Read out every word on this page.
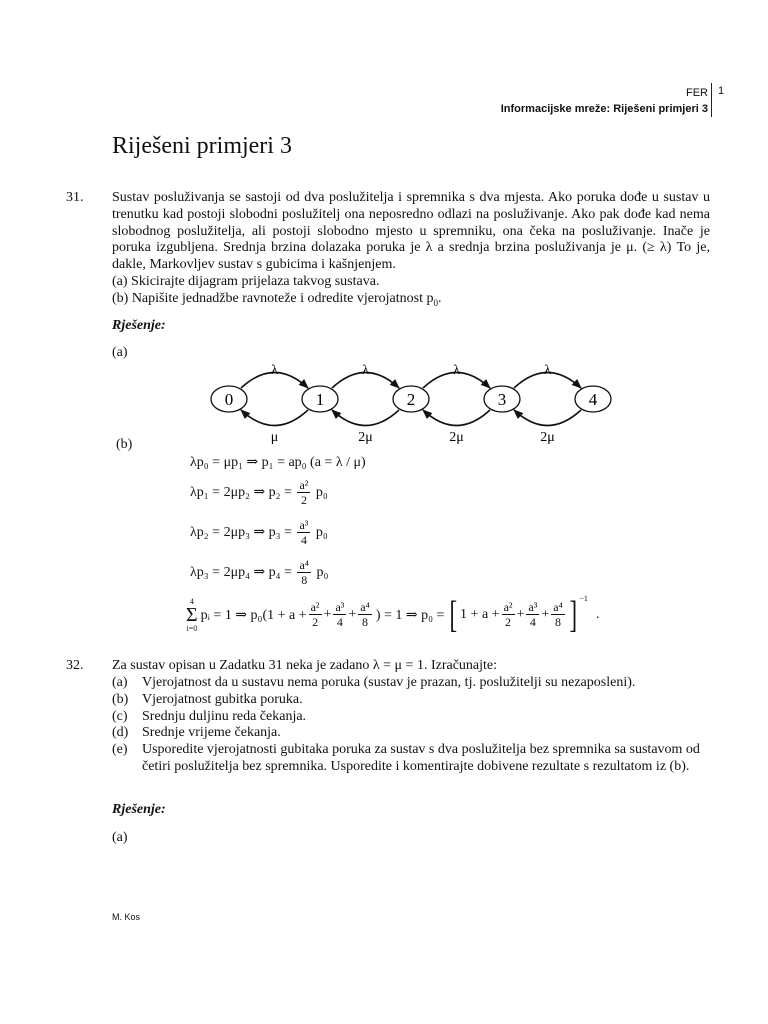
FER
Informacijske mreže: Riješeni primjeri 3
1
Riješeni primjeri 3
31. Sustav posluživanja se sastoji od dva poslužitelja i spremnika s dva mjesta. Ako poruka dođe u sustav u trenutku kad postoji slobodni poslužitelj ona neposredno odlazi na posluživanje. Ako pak dođe kad nema slobodnog poslužitelja, ali postoji slobodno mjesto u spremniku, ona čeka na posluživanje. Inače je poruka izgubljena. Srednja brzina dolazaka poruka je λ a srednja brzina posluživanja je μ. (≥ λ) To je, dakle, Markovljev sustav s gubicima i kašnjenjem.

(a) Skicirajte dijagram prijelaza takvog sustava.
(b) Napišite jednadžbe ravnoteže i odredite vjerojatnost $p_0$.
Rješenje:
(a)
λ
μ
λ
2μ
λ
2μ
λ
2μ
0	1	2	3	4
(b)
λp₀ = μp₁ ⇒ p₁ = ap₀ (a = λ / μ)
λp₁ = 2μp₂ ⇒ $p_2 = \frac{\text{a²}}{2} p_0$
λp₂ = 2μp₃ ⇒ $p_3 = \frac{\text{a³}}{4} p_0$
λp₃ = 2μp₄ ⇒ $p_4 = \frac{\text{a⁴}}{8} p_0$
4
Σ
i=0
pᵢ = 1 ⇒ $p_0(1 + a + \frac{\text{a²}}{2} + \frac{\text{a³}}{4} + \frac{\text{a⁴}}{8}$ ) = 1 ⇒ p₀ = [ $1 + a + \frac{\text{a²}}{2} + \frac{\text{a³}}{4} + \frac{\text{a⁴}}{8}$ ] $^{-1}$
.
32. Za sustav opisan u Zadatku 31 neka je zadano λ = μ = 1. Izračunajte:
(a)	Vjerojatnost da u sustavu nema poruka (sustav je prazan, tj. poslužitelji su nezaposleni).
(b) Vjerojatnost gubitka poruka.
(c)	Srednju duljinu reda čekanja.
(d) Srednje vrijeme čekanja.
(e)	Usporedite vjerojatnosti gubitaka poruka za sustav s dva poslužitelja bez spremnika sa sustavom od četiri poslužitelja bez spremnika. Usporedite i komentirajte dobivene rezultate s rezultatom iz (b).
Rješenje:
(a)
M. Kos
